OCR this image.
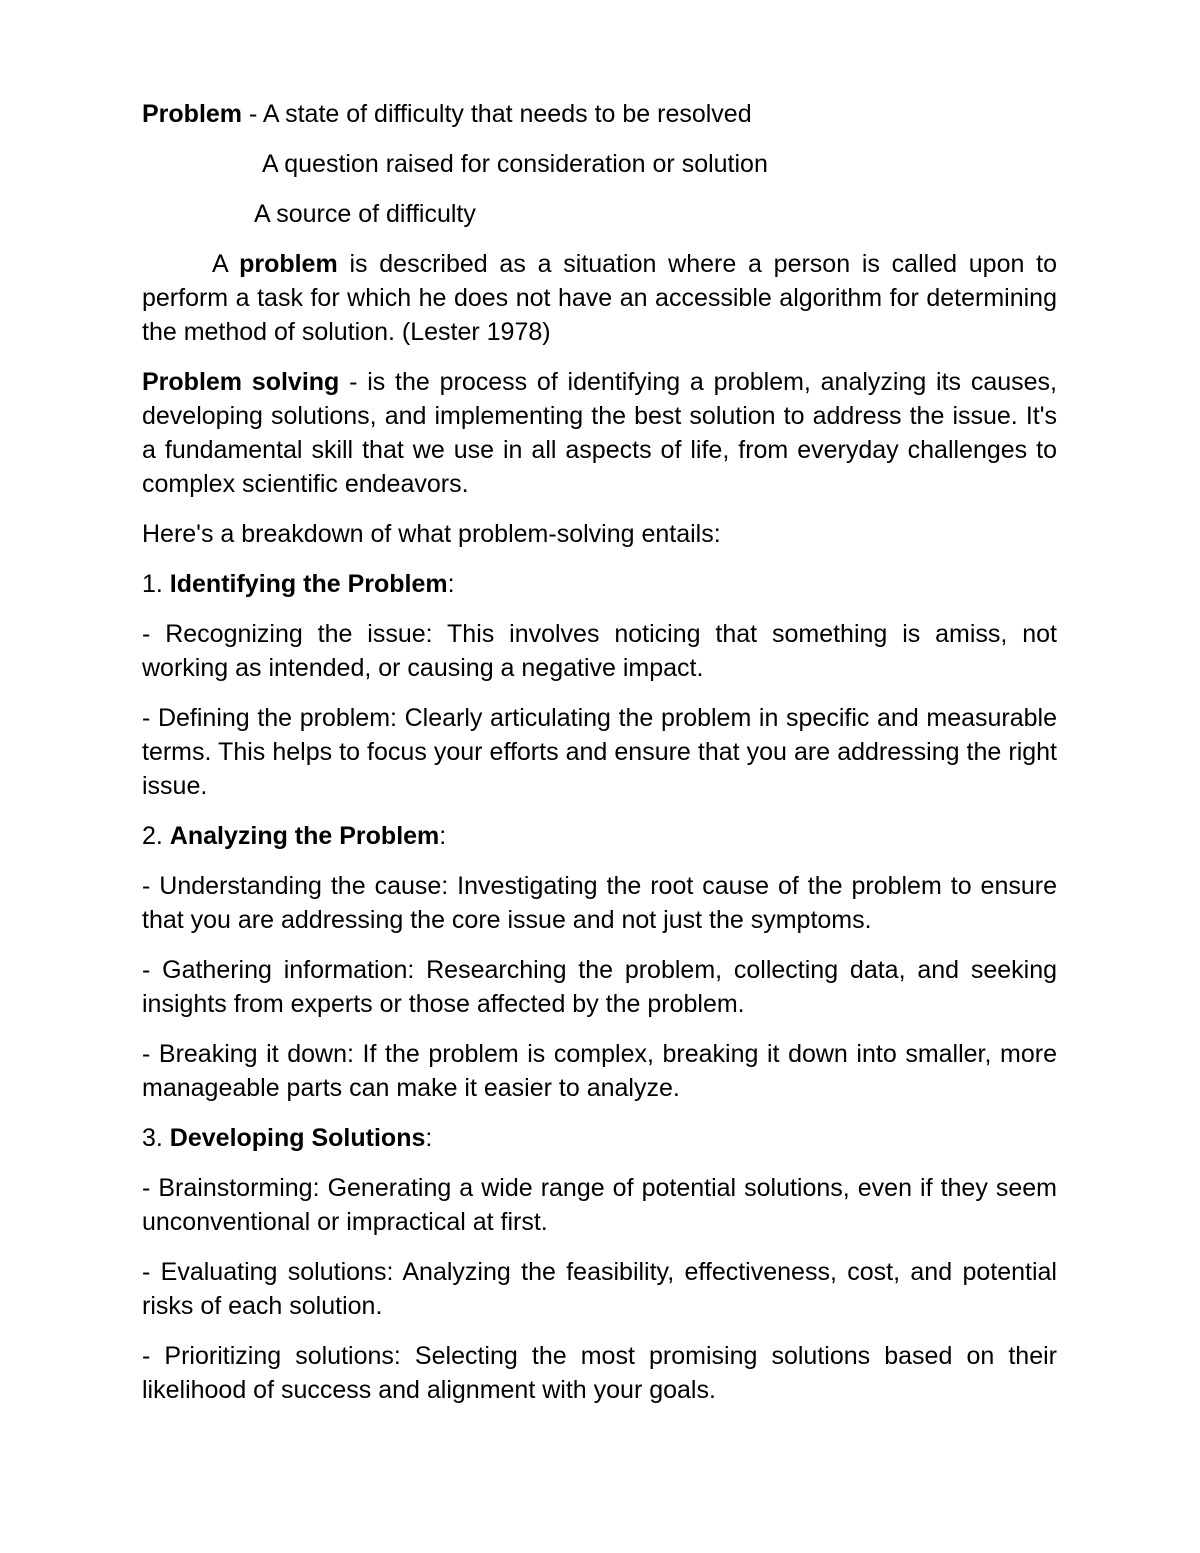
Problem - A state of difficulty that needs to be resolved

A question raised for consideration or solution

A source of difficulty

A problem is described as a situation where a person is called upon to perform a task for which he does not have an accessible algorithm for determining the method of solution. (Lester 1978)

Problem solving - is the process of identifying a problem, analyzing its causes, developing solutions, and implementing the best solution to address the issue. It's a fundamental skill that we use in all aspects of life, from everyday challenges to complex scientific endeavors.

Here's a breakdown of what problem-solving entails:

1. Identifying the Problem:

- Recognizing the issue: This involves noticing that something is amiss, not working as intended, or causing a negative impact.

- Defining the problem: Clearly articulating the problem in specific and measurable terms. This helps to focus your efforts and ensure that you are addressing the right issue.

2. Analyzing the Problem:

- Understanding the cause: Investigating the root cause of the problem to ensure that you are addressing the core issue and not just the symptoms.

- Gathering information: Researching the problem, collecting data, and seeking insights from experts or those affected by the problem.

- Breaking it down: If the problem is complex, breaking it down into smaller, more manageable parts can make it easier to analyze.

3. Developing Solutions:

- Brainstorming: Generating a wide range of potential solutions, even if they seem unconventional or impractical at first.

- Evaluating solutions: Analyzing the feasibility, effectiveness, cost, and potential risks of each solution.

- Prioritizing solutions: Selecting the most promising solutions based on their likelihood of success and alignment with your goals.
